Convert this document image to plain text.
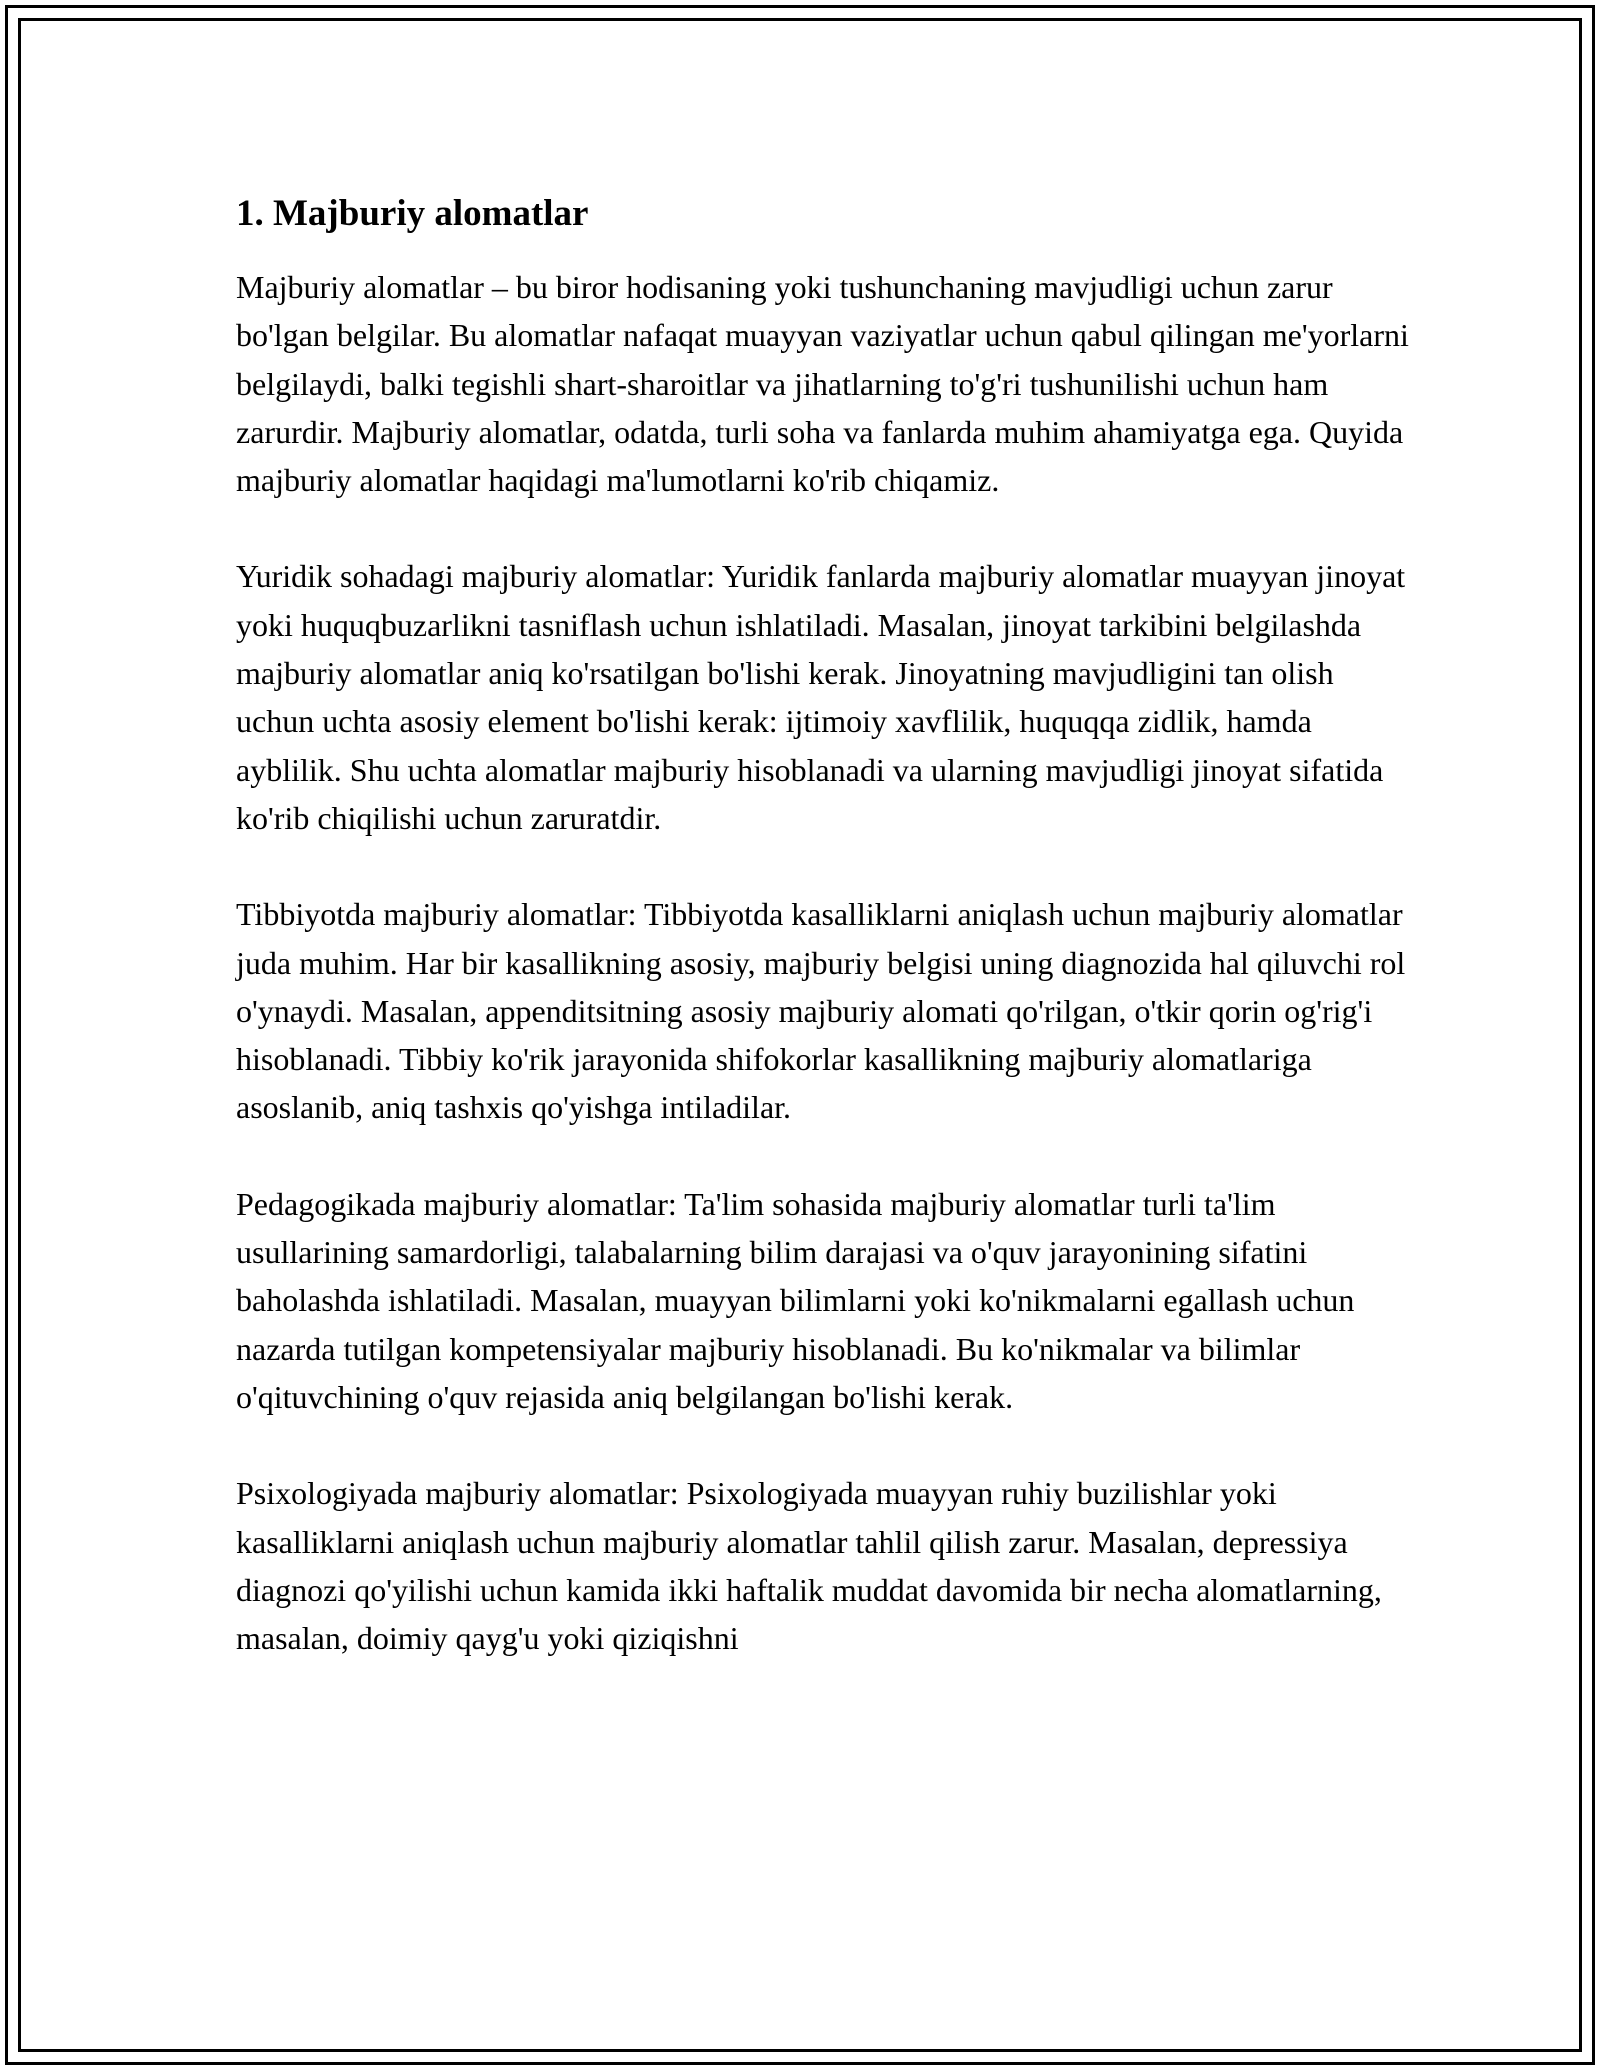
1. Majburiy alomatlar

Majburiy alomatlar – bu biror hodisaning yoki tushunchaning mavjudligi uchun zarur bo'lgan belgilar. Bu alomatlar nafaqat muayyan vaziyatlar uchun qabul qilingan me'yorlarni belgilaydi, balki tegishli shart-sharoitlar va jihatlarning to'g'ri tushunilishi uchun ham zarurdir. Majburiy alomatlar, odatda, turli soha va fanlarda muhim ahamiyatga ega. Quyida majburiy alomatlar haqidagi ma'lumotlarni ko'rib chiqamiz.

Yuridik sohadagi majburiy alomatlar: Yuridik fanlarda majburiy alomatlar muayyan jinoyat yoki huquqbuzarlikni tasniflash uchun ishlatiladi. Masalan, jinoyat tarkibini belgilashda majburiy alomatlar aniq ko'rsatilgan bo'lishi kerak. Jinoyatning mavjudligini tan olish uchun uchta asosiy element bo'lishi kerak: ijtimoiy xavflilik, huquqqa zidlik, hamda ayblilik. Shu uchta alomatlar majburiy hisoblanadi va ularning mavjudligi jinoyat sifatida ko'rib chiqilishi uchun zaruratdir.

Tibbiyotda majburiy alomatlar: Tibbiyotda kasalliklarni aniqlash uchun majburiy alomatlar juda muhim. Har bir kasallikning asosiy, majburiy belgisi uning diagnozida hal qiluvchi rol o'ynaydi. Masalan, appenditsitning asosiy majburiy alomati qo'rilgan, o'tkir qorin og'rig'i hisoblanadi. Tibbiy ko'rik jarayonida shifokorlar kasallikning majburiy alomatlariga asoslanib, aniq tashxis qo'yishga intiladilar.

Pedagogikada majburiy alomatlar: Ta'lim sohasida majburiy alomatlar turli ta'lim usullarining samardorligi, talabalarning bilim darajasi va o'quv jarayonining sifatini baholashda ishlatiladi. Masalan, muayyan bilimlarni yoki ko'nikmalarni egallash uchun nazarda tutilgan kompetensiyalar majburiy hisoblanadi. Bu ko'nikmalar va bilimlar o'qituvchining o'quv rejasida aniq belgilangan bo'lishi kerak.

Psixologiyada majburiy alomatlar: Psixologiyada muayyan ruhiy buzilishlar yoki kasalliklarni aniqlash uchun majburiy alomatlar tahlil qilish zarur. Masalan, depressiya diagnozi qo'yilishi uchun kamida ikki haftalik muddat davomida bir necha alomatlarning, masalan, doimiy qayg'u yoki qiziqishni
